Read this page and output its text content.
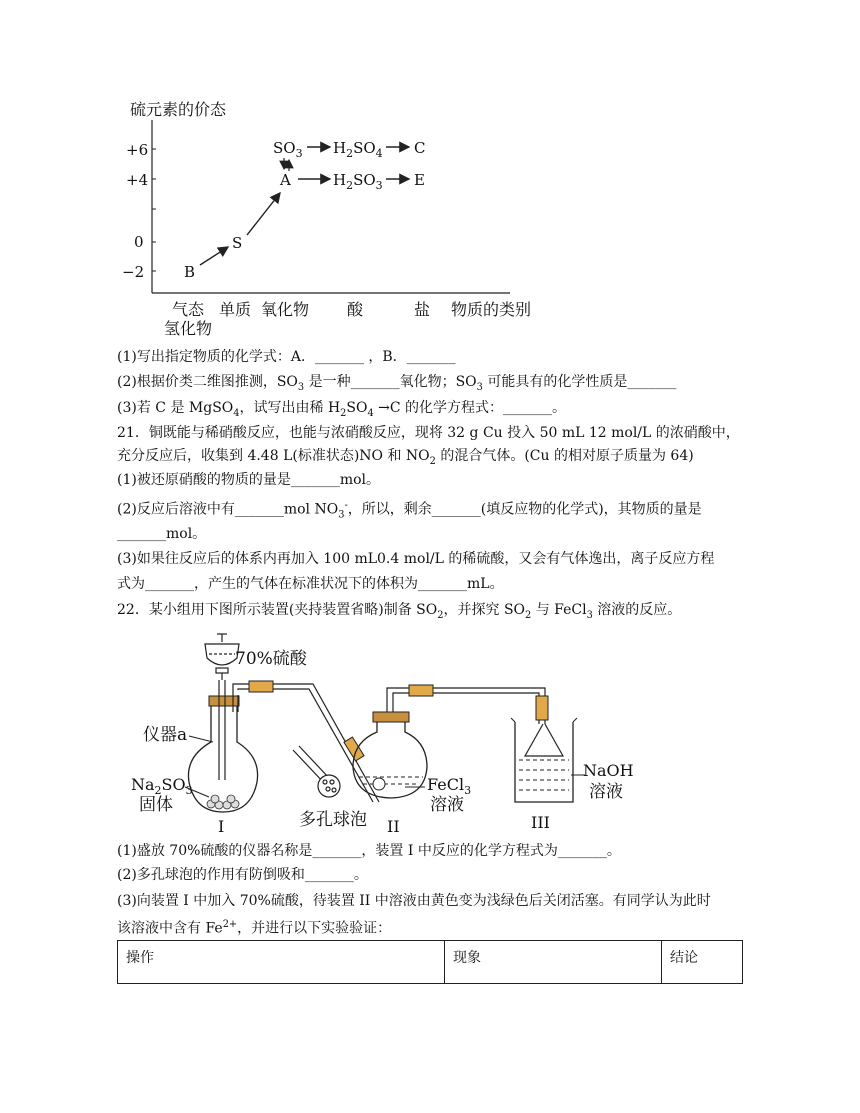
硫元素的价态
+6
+4
0
−2
气态
氢化物
单质 氧化物 酸	盐 物质的类别
$SO_3$ $H_2SO_4$ C
A	$H_2SO_3$ E
S
B
(1)写出指定物质的化学式：A．_______ ，B．_______
(2)根据价类二维图推测，$SO_3$ 是一种_______氧化物；$SO_3$ 可能具有的化学性质是_______
(3)若 C 是 MgSO$_4$，试写出由稀 $H_2SO_4 \to C$ 的化学方程式：_______。
21．铜既能与稀硝酸反应，也能与浓硝酸反应，现将 32 g Cu 投入 50 mL 12 mol/L 的浓硝酸中，
充分反应后，收集到 4.48 L(标准状态)NO 和 $NO_2$ 的混合气体。(Cu 的相对原子质量为 64)
(1)被还原硝酸的物质的量是_______mol。
(2)反应后溶液中有_______mol $NO_3^-$，所以，剩余_______(填反应物的化学式)，其物质的量是
_______mol。
(3)如果往反应后的体系内再加入 100 mL0.4 mol/L 的稀硫酸，又会有气体逸出，离子反应方程
式为_______，产生的气体在标准状况下的体积为_______mL。
22．某小组用下图所示装置(夹持装置省略)制备 $SO_2$，并探究 $SO_2$ 与 FeCl$_3$ 溶液的反应。
70%硫酸
仪器a
$Na_2SO_3$
固体
I	II
FeCl$_3$
溶液
多孔球泡
NaOH
溶液
III
(1)盛放 70%硫酸的仪器名称是_______，装置 I 中反应的化学方程式为_______。
(2)多孔球泡的作用有防倒吸和_______。
(3)向装置 I 中加入 70%硫酸，待装置 II 中溶液由黄色变为浅绿色后关闭活塞。有同学认为此时
该溶液中含有 $Fe^{2+}$，并进行以下实验验证：
操作	现象	结论
